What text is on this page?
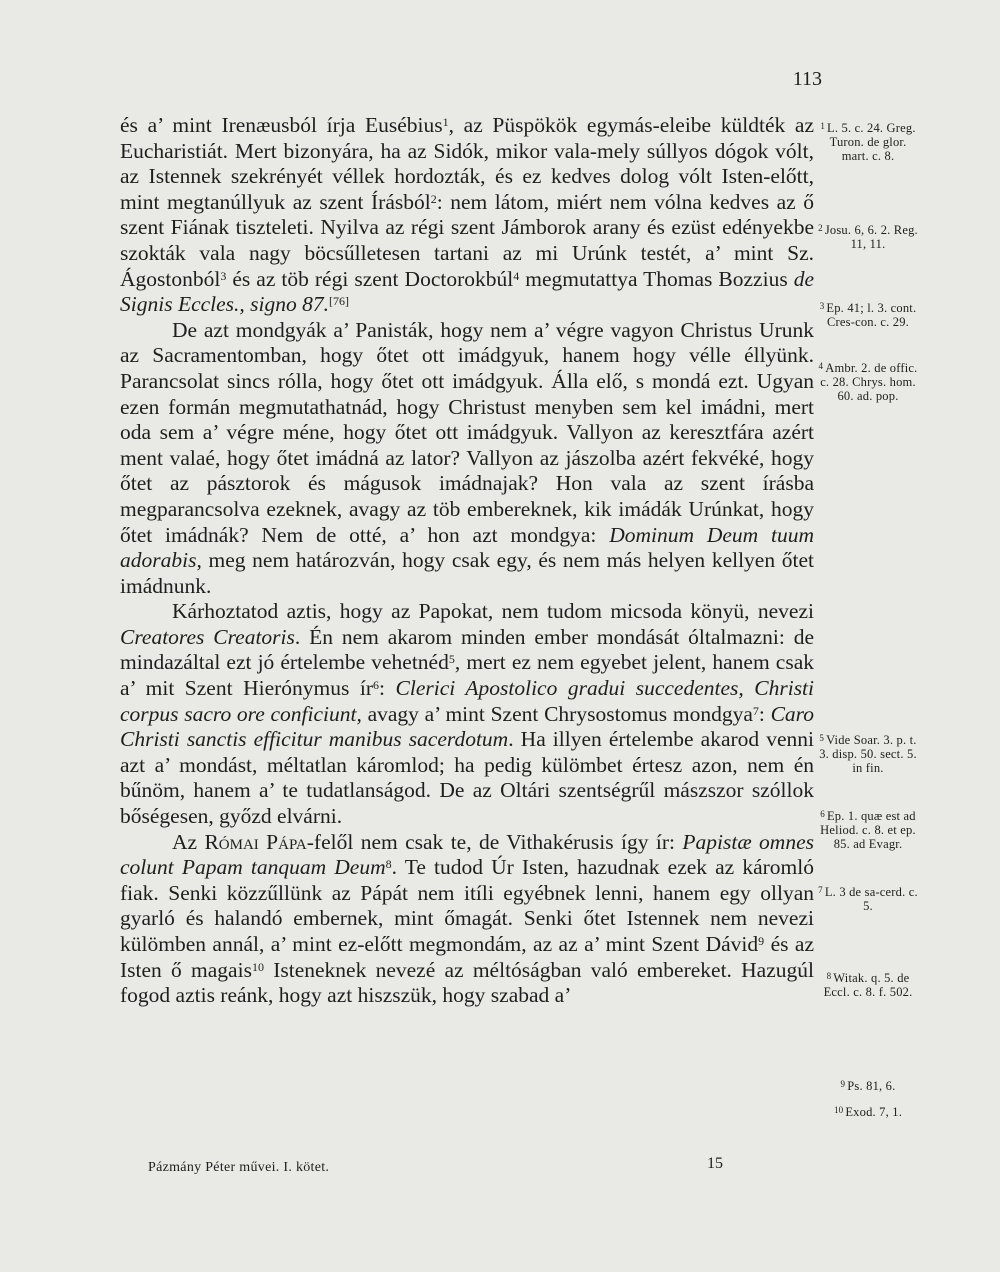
113

és a’ mint Irenæusból írja Eusébius$^1$, az Püspökök egymás-eleibe küldték az Eucharistiát. Mert bizonyára, ha az Sidók, mikor vala-mely súllyos dógok vólt, az Istennek szekrényét véllek hordozták, és ez kedves dolog vólt Isten-előtt, mint megtanúllyuk az szent Írásból$^2$: nem látom, miért nem vólna kedves az ő szent Fiának tiszteleti. Nyilva az régi szent Jámborok arany és ezüst edényekbe szokták vala nagy böcsűlletesen tartani az mi Urúnk testét, a’ mint Sz. Ágostonból$^3$ és az töb régi szent Doctorokbúl$^4$ megmutattya Thomas Bozzius de Signis Eccles., signo 87.[76]

De azt mondgyák a’ Panisták, hogy nem a’ végre vagyon Christus Urunk az Sacramentomban, hogy őtet ott imádgyuk, hanem hogy vélle éllyünk. Parancsolat sincs rólla, hogy őtet ott imádgyuk. Álla elő, s mondá ezt. Ugyan ezen formán megmutathatnád, hogy Christust menyben sem kel imádni, mert oda sem a’ végre méne, hogy őtet ott imádgyuk. Vallyon az keresztfára azért ment valaé, hogy őtet imádná az lator? Vallyon az jászolba azért fekvéké, hogy őtet az pásztorok és mágusok imádnajak? Hon vala az szent írásba megparancsolva ezeknek, avagy az töb embereknek, kik imádák Urúnkat, hogy őtet imádnák? Nem de otté, a’ hon azt mondgya: Dominum Deum tuum adorabis, meg nem határozván, hogy csak egy, és nem más helyen kellyen őtet imádnunk.

Kárhoztatod aztis, hogy az Papokat, nem tudom micsoda könyü, nevezi Creatores Creatoris. Én nem akarom minden ember mondását óltalmazni: de mindazáltal ezt jó értelembe vehetnéd$^5$, mert ez nem egyebet jelent, hanem csak a’ mit Szent Hierónymus $ír^6$: Clerici Apostolico gradui succedentes, Christi corpus sacro ore conficiunt, avagy a’ mint Szent Chrysostomus mondgya$^7$: Caro Christi sanctis efficitur manibus sacerdotum. Ha illyen értelembe akarod venni azt a’ mondást, méltatlan káromlod; ha pedig külömbet értesz azon, nem én bűnöm, hanem a’ te tudatlanságod. De az Oltári szentségrűl mászszor szóllok bőségesen, győzd elvárni.

Az Római Pápa-felől nem csak te, de Vithakérusis így ír: Papistæ omnes colunt Papam tanquam Deum$^8$. Te tudod Úr Isten, hazudnak ezek az káromló fiak. Senki közzűllünk az Pápát nem itíli egyébnek lenni, hanem egy ollyan gyarló és halandó embernek, mint őmagát. Senki őtet Istennek nem nevezi külömben annál, a’ mint ez-előtt megmondám, az az a’ mint Szent Dávid$^9$ és az Isten ő magais$^{10}$ Isteneknek nevezé az méltóságban való embereket. Hazugúl fogod aztis reánk, hogy azt hiszszük, hogy szabad a’

$^1$ L. 5. c. 24. Greg. Turon. de glor. mart. c. 8.
$^2$ Josu. 6, 6. 2. Reg. 11, 11.
$^3$ Ep. 41; l. 3. cont. Cres-con. c. 29.
$^4$ Ambr. 2. de offic. c. 28. Chrys. hom. 60. ad. pop.
$^5$ Vide Soar. 3. p. t. 3. disp. 50. sect. 5. in fin.
$^6$ Ep. 1. quæ est ad Heliod. c. 8. et ep. 85. ad Evagr.
$^7$ L. 3 de sa-cerd. c. 5.
$^8$ Witak. q. 5. de Eccl. c. 8. f. 502.
$^9$ Ps. 81, 6.
$^{10}$ Exod. 7, 1.
Pázmány Péter művei. I. kötet.	15
